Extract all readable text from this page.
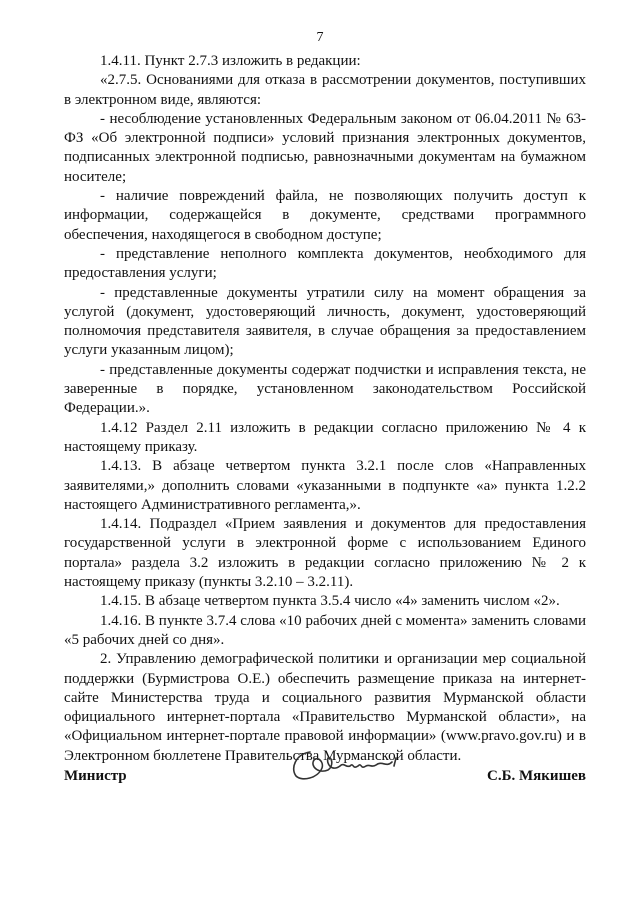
7

1.4.11. Пункт 2.7.3 изложить в редакции:

«2.7.5. Основаниями для отказа в рассмотрении документов, поступивших в электронном виде, являются:

- несоблюдение установленных Федеральным законом от 06.04.2011 № 63-ФЗ «Об электронной подписи» условий признания электронных документов, подписанных электронной подписью, равнозначными документам на бумажном носителе;

- наличие повреждений файла, не позволяющих получить доступ к информации, содержащейся в документе, средствами программного обеспечения, находящегося в свободном доступе;

- представление неполного комплекта документов, необходимого для предоставления услуги;

- представленные документы утратили силу на момент обращения за услугой (документ, удостоверяющий личность, документ, удостоверяющий полномочия представителя заявителя, в случае обращения за предоставлением услуги указанным лицом);

- представленные документы содержат подчистки и исправления текста, не заверенные в порядке, установленном законодательством Российской Федерации.».

1.4.12 Раздел 2.11 изложить в редакции согласно приложению № 4 к настоящему приказу.

1.4.13. В абзаце четвертом пункта 3.2.1 после слов «Направленных заявителями,» дополнить словами «указанными в подпункте «а» пункта 1.2.2 настоящего Административного регламента,».

1.4.14. Подраздел «Прием заявления и документов для предоставления государственной услуги в электронной форме с использованием Единого портала» раздела 3.2 изложить в редакции согласно приложению № 2 к настоящему приказу (пункты 3.2.10 – 3.2.11).

1.4.15. В абзаце четвертом пункта 3.5.4 число «4» заменить числом «2».

1.4.16. В пункте 3.7.4 слова «10 рабочих дней с момента» заменить словами «5 рабочих дней со дня».

2. Управлению демографической политики и организации мер социальной поддержки (Бурмистрова О.Е.) обеспечить размещение приказа на интернет-сайте Министерства труда и социального развития Мурманской области официального интернет-портала «Правительство Мурманской области», на «Официальном интернет-портале правовой информации» (www.pravo.gov.ru) и в Электронном бюллетене Правительства Мурманской области.

Министр	С.Б. Мякишев
